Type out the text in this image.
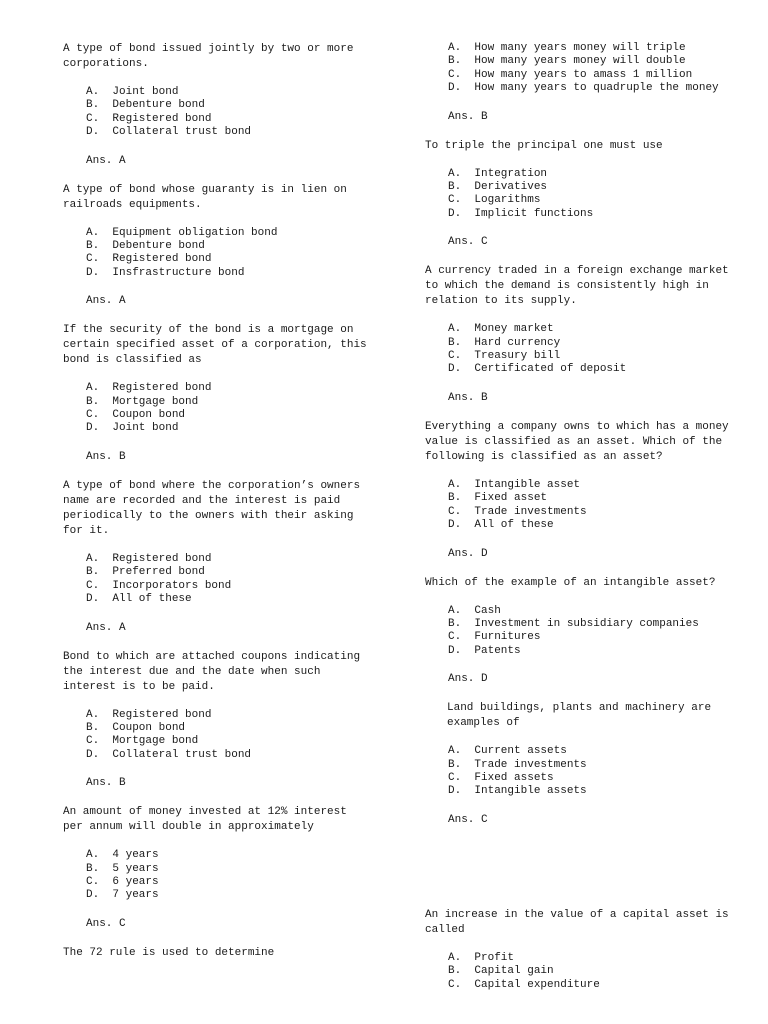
A type of bond issued jointly by two or more
corporations.

A.  Joint bond
B.  Debenture bond
C.  Registered bond
D.  Collateral trust bond
Ans. A

A type of bond whose guaranty is in lien on
railroads equipments.

A.  Equipment obligation bond
B.  Debenture bond
C.  Registered bond
D.  Insfrastructure bond
Ans. A

If the security of the bond is a mortgage on
certain specified asset of a corporation, this
bond is classified as

A.  Registered bond
B.  Mortgage bond
C.  Coupon bond
D.  Joint bond
Ans. B

A type of bond where the corporation’s owners
name are recorded and the interest is paid
periodically to the owners with their asking
for it.

A.  Registered bond
B.  Preferred bond
C.  Incorporators bond
D.  All of these
Ans. A

Bond to which are attached coupons indicating
the interest due and the date when such
interest is to be paid.

A.  Registered bond
B.  Coupon bond
C.  Mortgage bond
D.  Collateral trust bond
Ans. B

An amount of money invested at 12% interest
per annum will double in approximately

A.  4 years
B.  5 years
C.  6 years
D.  7 years
Ans. C

The 72 rule is used to determine

A.  How many years money will triple
B.  How many years money will double
C.  How many years to amass 1 million
D.  How many years to quadruple the money
Ans. B

To triple the principal one must use

A.  Integration
B.  Derivatives
C.  Logarithms
D.  Implicit functions
Ans. C

A currency traded in a foreign exchange market
to which the demand is consistently high in
relation to its supply.

A.  Money market
B.  Hard currency
C.  Treasury bill
D.  Certificated of deposit
Ans. B

Everything a company owns to which has a money
value is classified as an asset. Which of the
following is classified as an asset?

A.  Intangible asset
B.  Fixed asset
C.  Trade investments
D.  All of these
Ans. D

Which of the example of an intangible asset?

A.  Cash
B.  Investment in subsidiary companies
C.  Furnitures
D.  Patents
Ans. D

Land buildings, plants and machinery are
examples of

A.  Current assets
B.  Trade investments
C.  Fixed assets
D.  Intangible assets
Ans. C

An increase in the value of a capital asset is
called

A.  Profit
B.  Capital gain
C.  Capital expenditure
